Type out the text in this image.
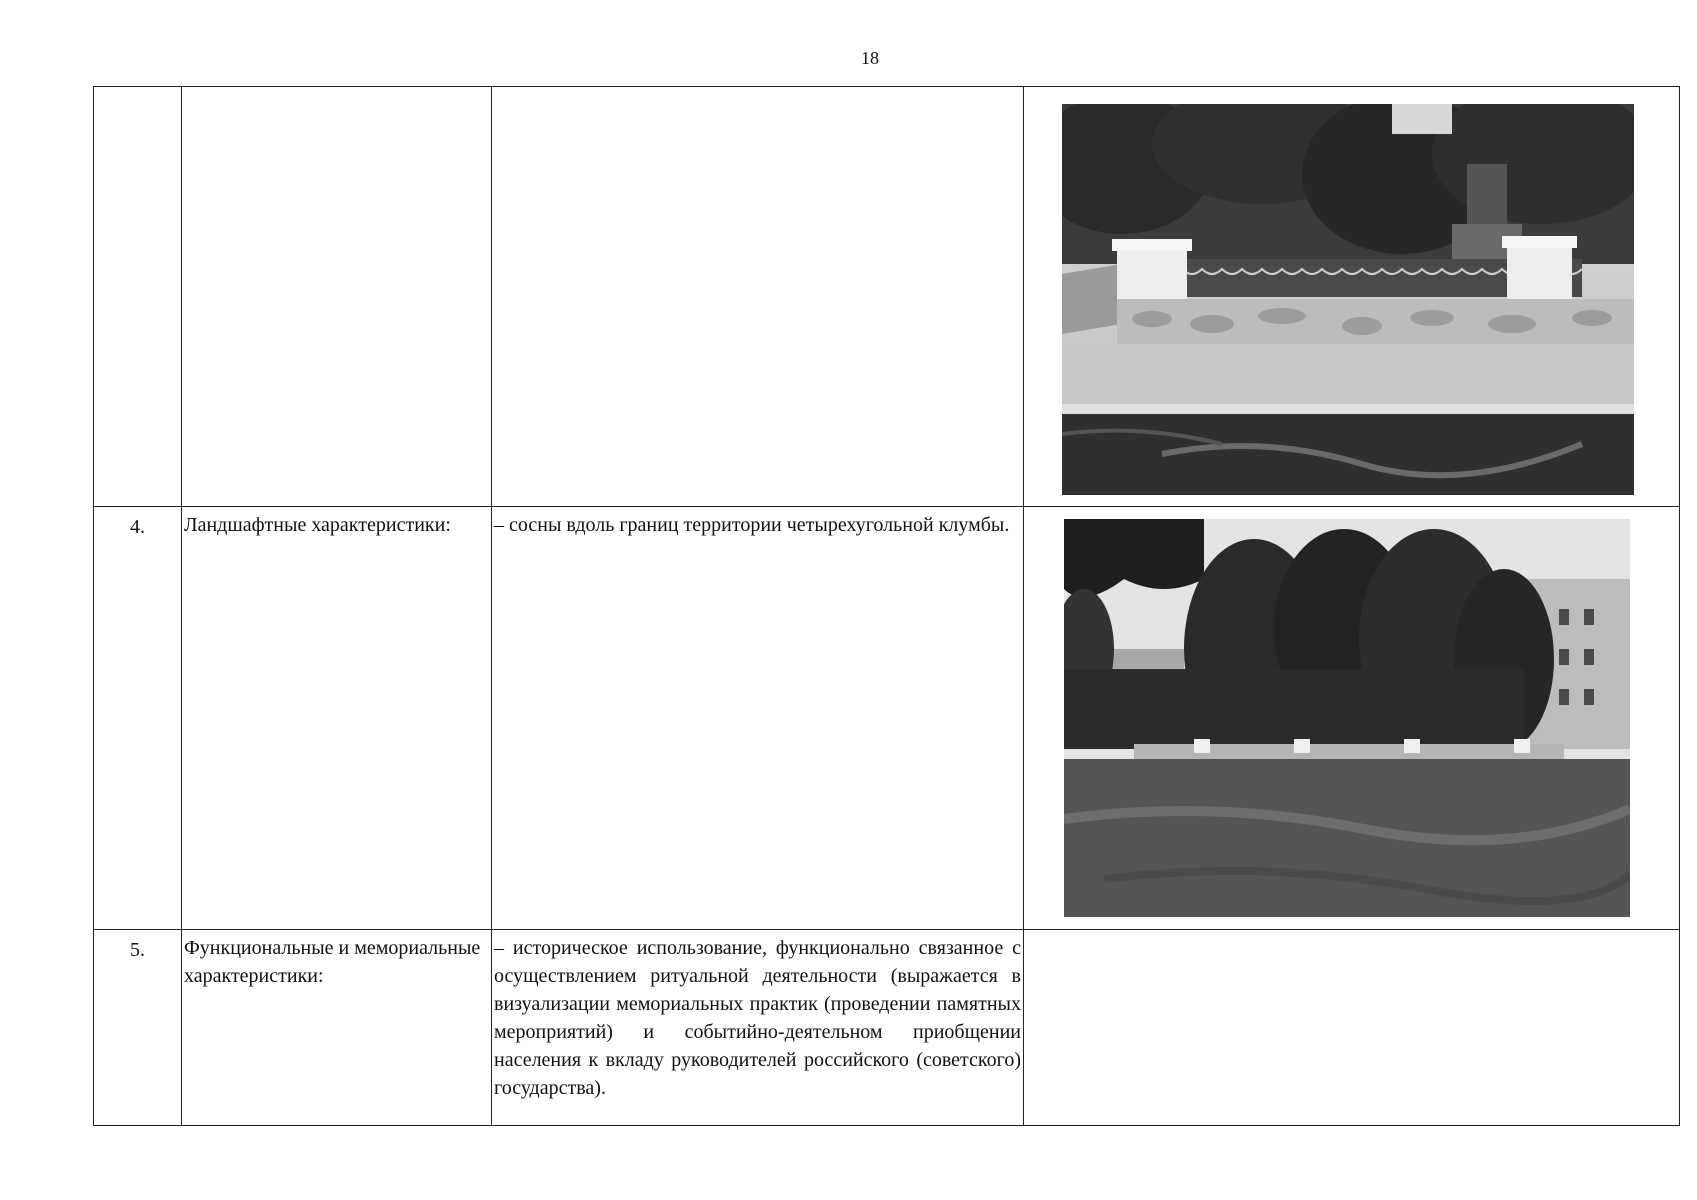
18

4.	Ландшафтные характеристики:	– сосны вдоль границ территории четырехугольной клумбы.	

5.	Функциональные и мемориальные характеристики:	– историческое использование, функционально связанное с осуществлением ритуальной деятельности (выражается в визуализации мемориальных практик (проведении памятных мероприятий) и событийно-деятельном приобщении населения к вкладу руководителей российского (советского) государства).	
